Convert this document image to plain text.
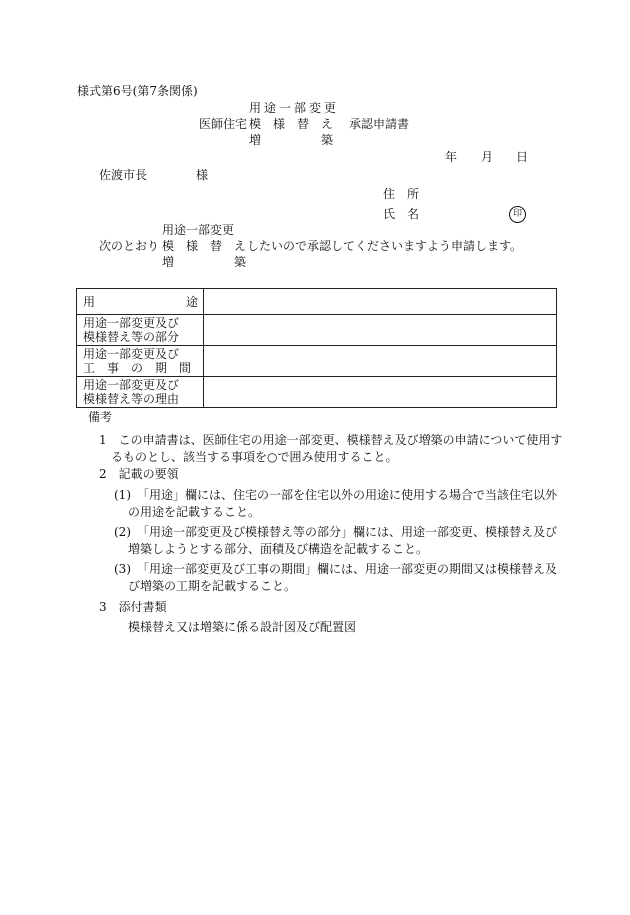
様式第6号(第7条関係)
用途一部変更
医師住宅 模　様　替　え 承認申請書
増　　　　　築
年 月 日
佐渡市長	様
住　所
氏　名	印
用途一部変更
次のとおり 模　様　替　え したいので承認してくださいますよう申請します。
増　　　　　築
用 途	

用途一部変更及び
模様替え等の部分	

用途一部変更及び
工　事　の　期　間	

用途一部変更及び
模様替え等の理由	

備考
1　この申請書は、医師住宅の用途一部変更、模様替え及び増築の申請について使用す
るものとし、該当する事項を○で囲み使用すること。
2　記載の要領
(1)　「用途」欄には、住宅の一部を住宅以外の用途に使用する場合で当該住宅以外
の用途を記載すること。
(2)　「用途一部変更及び模様替え等の部分」欄には、用途一部変更、模様替え及び
増築しようとする部分、面積及び構造を記載すること。
(3)　「用途一部変更及び工事の期間」欄には、用途一部変更の期間又は模様替え及
び増築の工期を記載すること。
3　添付書類
模様替え又は増築に係る設計図及び配置図
